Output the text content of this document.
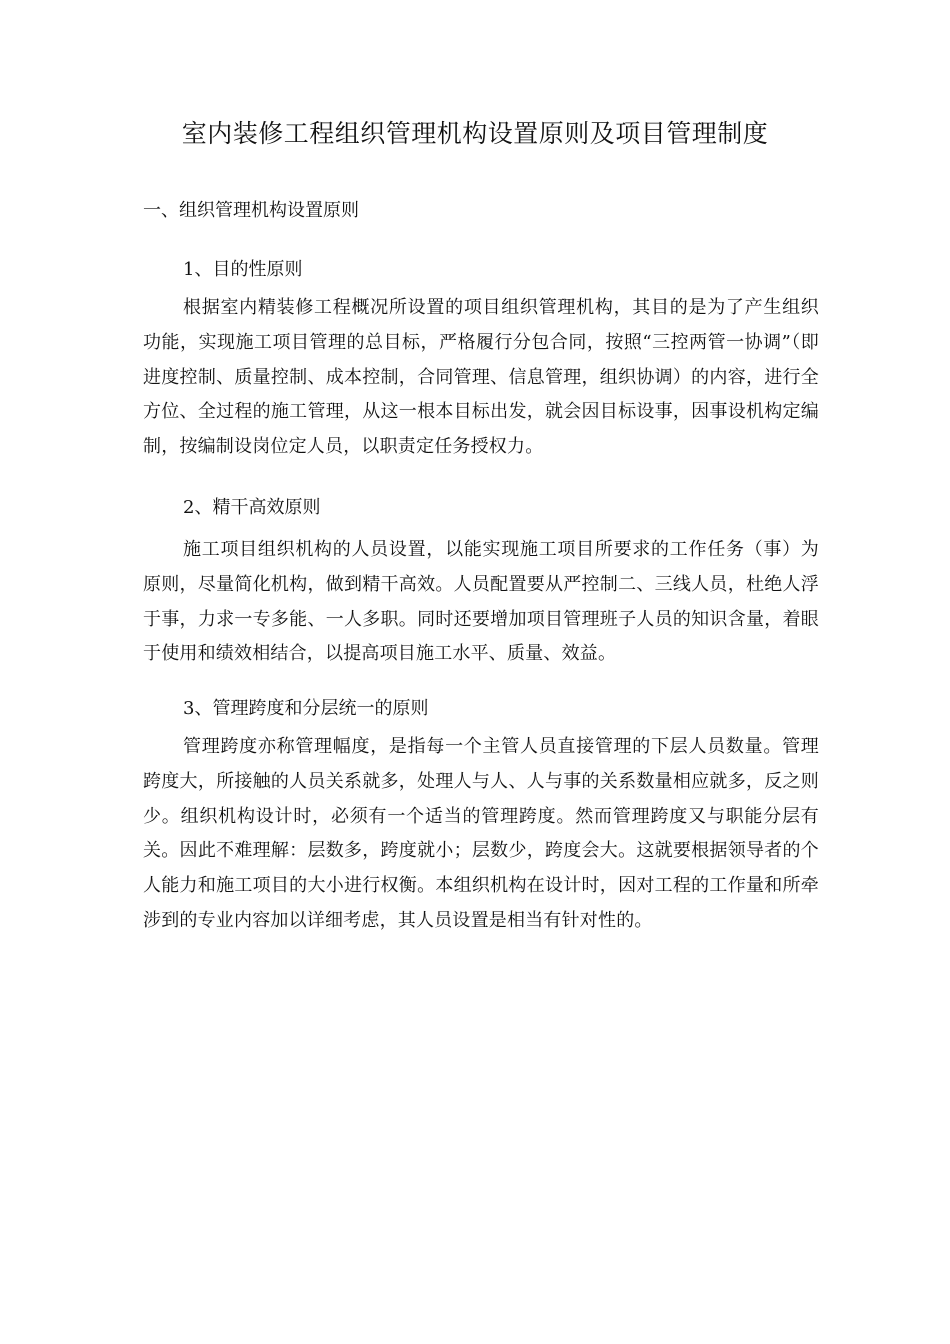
室内装修工程组织管理机构设置原则及项目管理制度
一、组织管理机构设置原则
1、目的性原则
根据室内精装修工程概况所设置的项目组织管理机构，其目的是为了产生组织功能，实现施工项目管理的总目标，严格履行分包合同，按照“三控两管一协调”（即进度控制、质量控制、成本控制，合同管理、信息管理，组织协调）的内容，进行全方位、全过程的施工管理，从这一根本目标出发，就会因目标设事，因事设机构定编制，按编制设岗位定人员，以职责定任务授权力。
2、精干高效原则
施工项目组织机构的人员设置，以能实现施工项目所要求的工作任务（事）为原则，尽量简化机构，做到精干高效。人员配置要从严控制二、三线人员，杜绝人浮于事，力求一专多能、一人多职。同时还要增加项目管理班子人员的知识含量，着眼于使用和绩效相结合，以提高项目施工水平、质量、效益。
3、管理跨度和分层统一的原则
管理跨度亦称管理幅度，是指每一个主管人员直接管理的下层人员数量。管理跨度大，所接触的人员关系就多，处理人与人、人与事的关系数量相应就多，反之则少。组织机构设计时，必须有一个适当的管理跨度。然而管理跨度又与职能分层有关。因此不难理解：层数多，跨度就小；层数少，跨度会大。这就要根据领导者的个人能力和施工项目的大小进行权衡。本组织机构在设计时，因对工程的工作量和所牵涉到的专业内容加以详细考虑，其人员设置是相当有针对性的。
